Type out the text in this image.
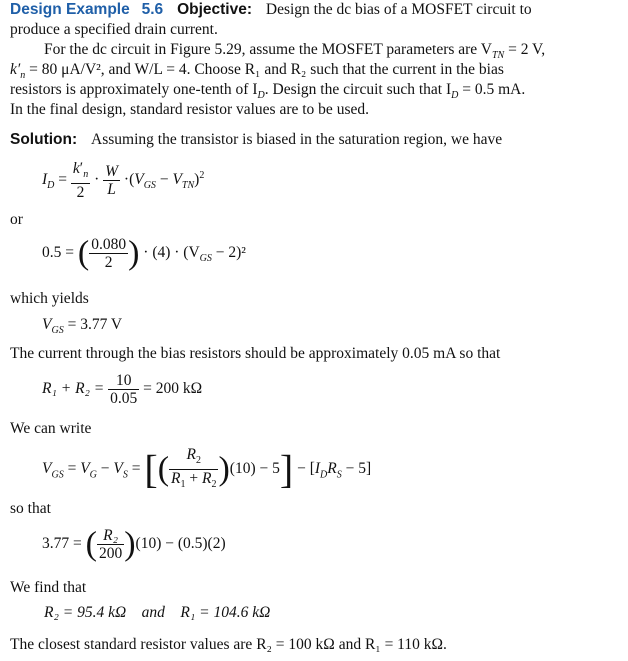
Design Example 5.6 Objective: Design the dc bias of a MOSFET circuit to
produce a specified drain current.
For the dc circuit in Figure 5.29, assume the MOSFET parameters are $V_{TN} = 2$ V,
$k'_n = 80$ μA/V², and W/L = 4. Choose R₁ and R₂ such that the current in the bias
resistors is approximately one-tenth of $I_D$. Design the circuit such that $I_D = 0.5$ mA.
In the final design, standard resistor values are to be used.
Solution: Assuming the transistor is biased in the saturation region, we have
$I_D = \frac{k'_n}{2} \cdot \frac{W}{L} \cdot(V_{GS} - V_{TN})^2$
or
0.5 = ( $\frac{0.080}{2}$ ) · $(4) \cdot (V_{GS} - 2)^2$
which yields
$V_{GS} = 3.77$ V
The current through the bias resistors should be approximately 0.05 mA so that
$R_1 + R_2 = \frac{10}{0.05} = 200$ kΩ
We can write
$V_{GS} = V_G - V_S$ = [( $\frac{R_2}{R_1 + R_2} )(10) - 5] - [I_DR_S - 5]$
so that
3.77 = ( $\frac{\text{R₂}}{200} )(10) - (0.5)(2)$
We find that
R₂ = 95.4 kΩ    and    R₁ = 104.6 kΩ
The closest standard resistor values are R₂ = 100 kΩ and R₁ = 110 kΩ.
